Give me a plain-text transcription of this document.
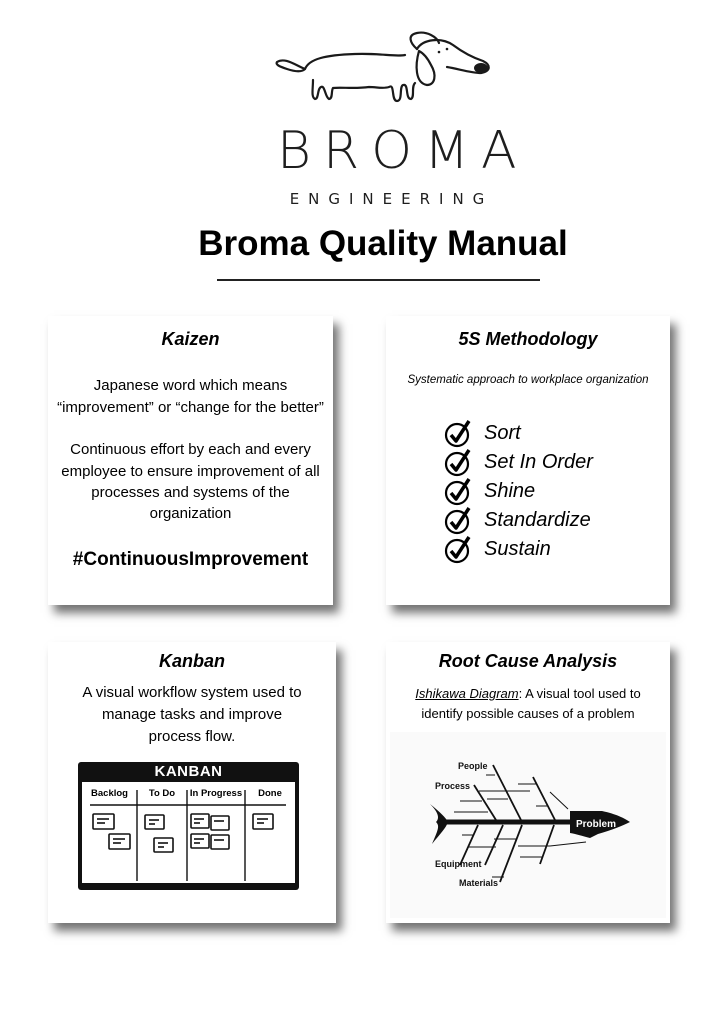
BROMA
ENGINEERING
Broma Quality Manual
Kaizen

Japanese word which means

“improvement” or “change for the better”

Continuous effort by each and every

employee to ensure improvement of all

processes and systems of the

organization

#ContinuousImprovement

5S Methodology

Systematic approach to workplace organization

Sort
Set In Order
Shine
Standardize
Sustain
Kanban

A visual workflow system used to

manage tasks and improve

process flow.

KANBAN
Backlog	To Do	In Progress	Done
Root Cause Analysis

Ishikawa Diagram: A visual tool used to

identify possible causes of a problem

Problem
People
Process
Equipment
Materials
